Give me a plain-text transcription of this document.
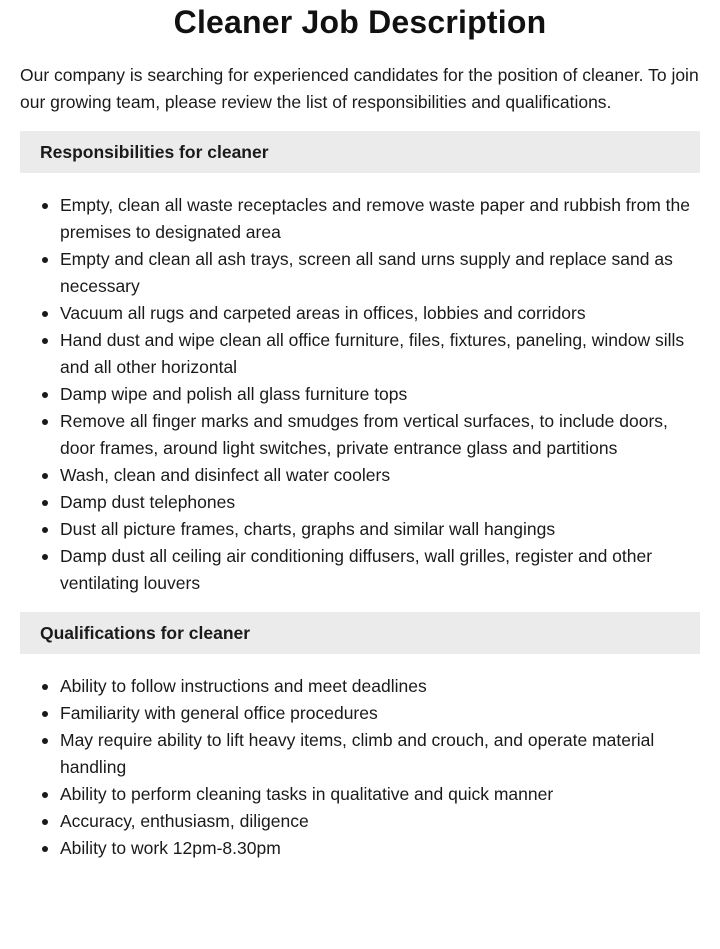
Cleaner Job Description

Our company is searching for experienced candidates for the position of cleaner. To join our growing team, please review the list of responsibilities and qualifications.

Responsibilities for cleaner
Empty, clean all waste receptacles and remove waste paper and rubbish from the premises to designated area
Empty and clean all ash trays, screen all sand urns supply and replace sand as necessary
Vacuum all rugs and carpeted areas in offices, lobbies and corridors
Hand dust and wipe clean all office furniture, files, fixtures, paneling, window sills and all other horizontal
Damp wipe and polish all glass furniture tops
Remove all finger marks and smudges from vertical surfaces, to include doors, door frames, around light switches, private entrance glass and partitions
Wash, clean and disinfect all water coolers
Damp dust telephones
Dust all picture frames, charts, graphs and similar wall hangings
Damp dust all ceiling air conditioning diffusers, wall grilles, register and other ventilating louvers
Qualifications for cleaner
Ability to follow instructions and meet deadlines
Familiarity with general office procedures
May require ability to lift heavy items, climb and crouch, and operate material handling
Ability to perform cleaning tasks in qualitative and quick manner
Accuracy, enthusiasm, diligence
Ability to work 12pm-8.30pm
